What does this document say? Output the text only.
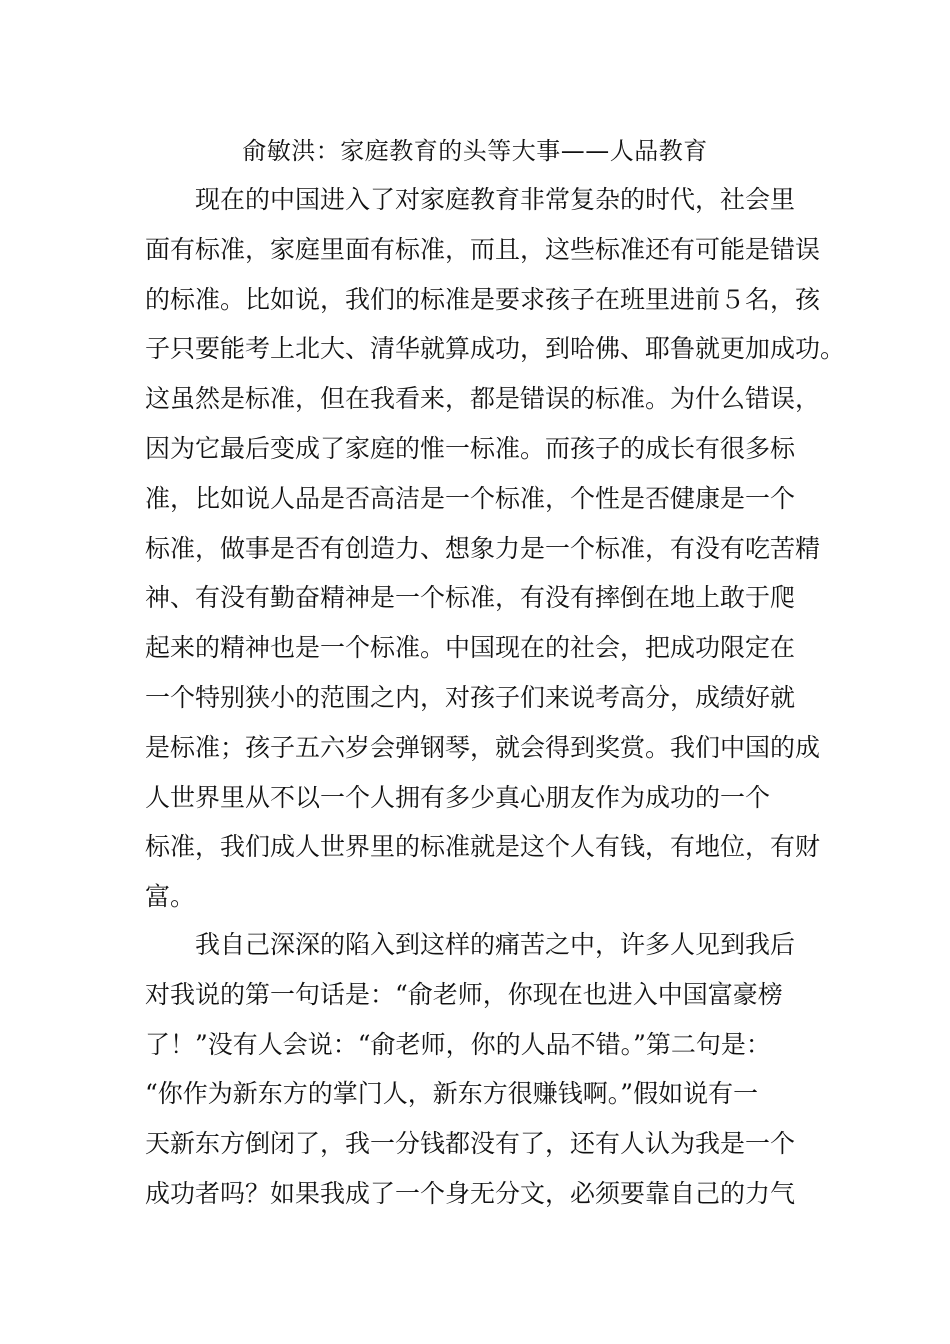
俞敏洪：家庭教育的头等大事——人品教育
现在的中国进入了对家庭教育非常复杂的时代，社会里
面有标准，家庭里面有标准，而且，这些标准还有可能是错误
的标准。比如说，我们的标准是要求孩子在班里进前５名，孩
子只要能考上北大、清华就算成功，到哈佛、耶鲁就更加成功。
这虽然是标准，但在我看来，都是错误的标准。为什么错误，
因为它最后变成了家庭的惟一标准。而孩子的成长有很多标
准，比如说人品是否高洁是一个标准，个性是否健康是一个
标准，做事是否有创造力、想象力是一个标准，有没有吃苦精
神、有没有勤奋精神是一个标准，有没有摔倒在地上敢于爬
起来的精神也是一个标准。中国现在的社会，把成功限定在
一个特别狭小的范围之内，对孩子们来说考高分，成绩好就
是标准；孩子五六岁会弹钢琴，就会得到奖赏。我们中国的成
人世界里从不以一个人拥有多少真心朋友作为成功的一个
标准，我们成人世界里的标准就是这个人有钱，有地位，有财
富。
我自己深深的陷入到这样的痛苦之中，许多人见到我后
对我说的第一句话是：“俞老师，你现在也进入中国富豪榜
了！”没有人会说：“俞老师，你的人品不错。”第二句是：
“你作为新东方的掌门人，新东方很赚钱啊。”假如说有一
天新东方倒闭了，我一分钱都没有了，还有人认为我是一个
成功者吗？如果我成了一个身无分文，必须要靠自己的力气
